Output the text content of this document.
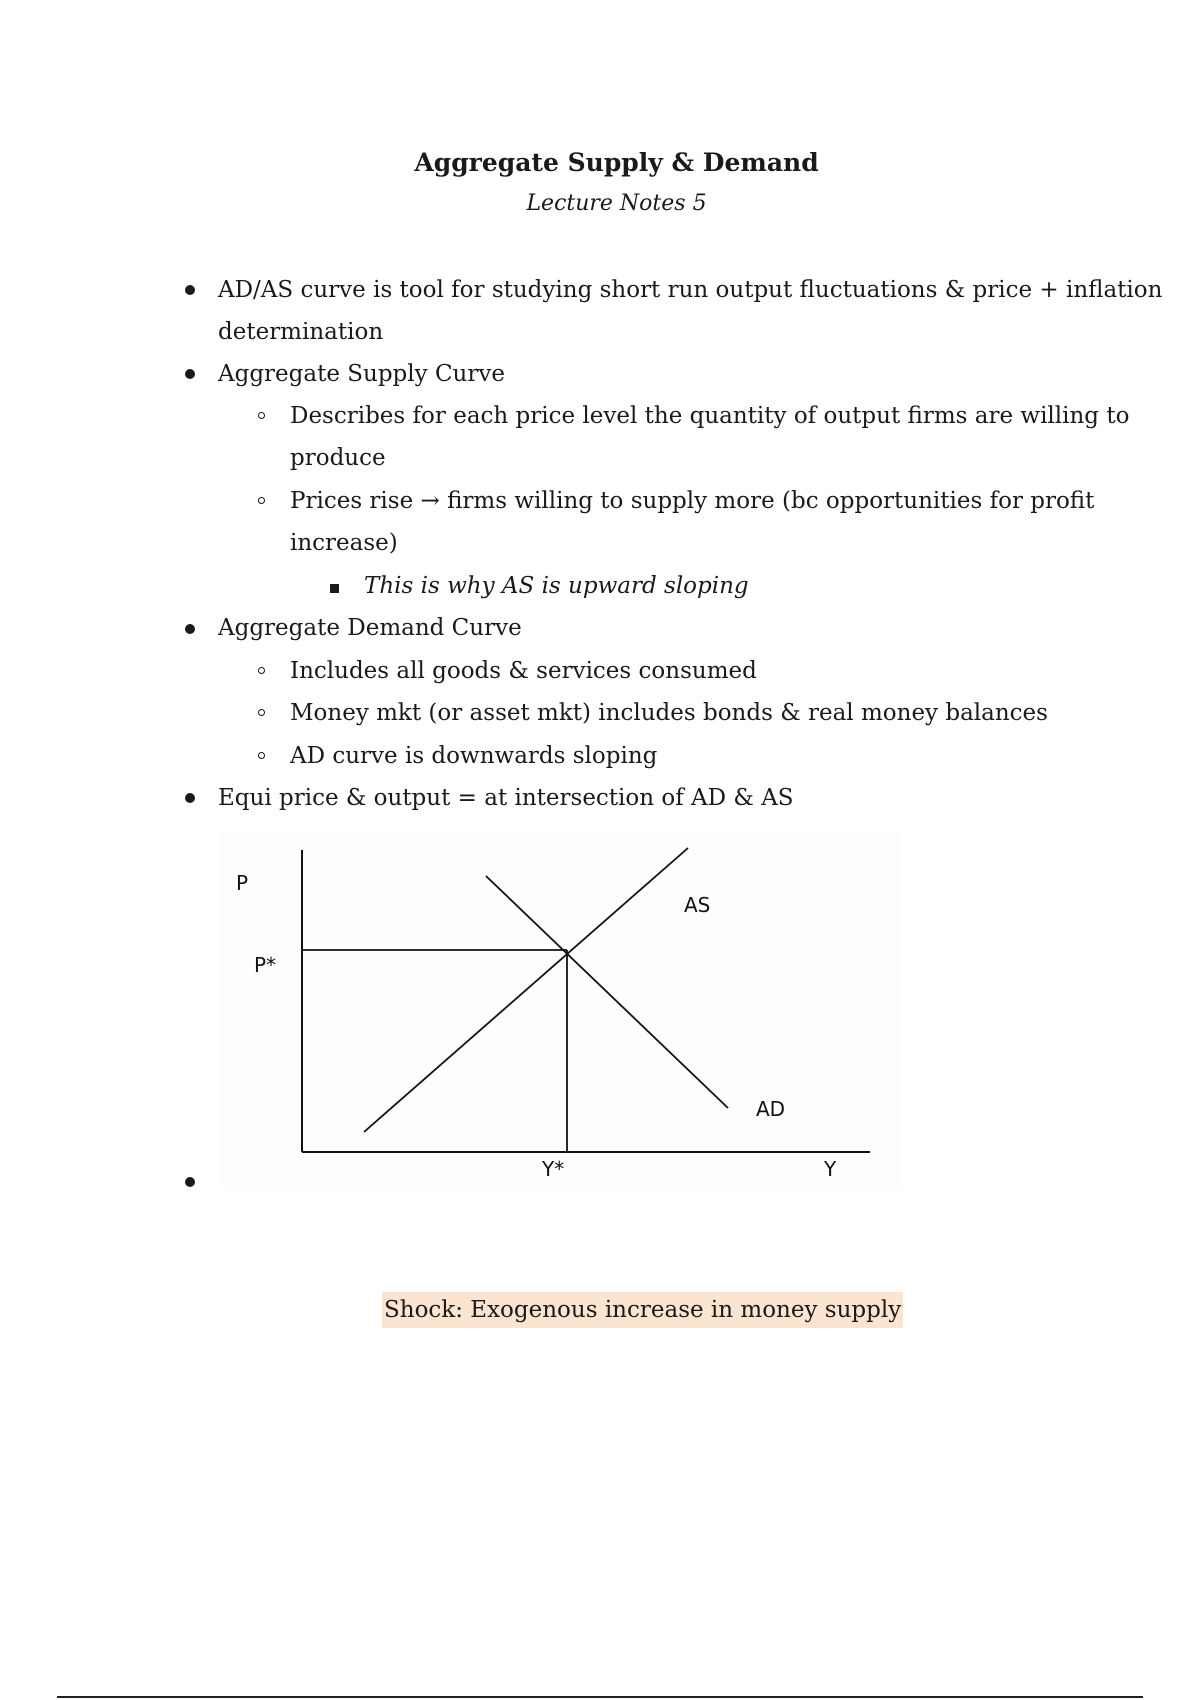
Aggregate Supply & Demand
Lecture Notes 5
AD/AS curve is tool for studying short run output fluctuations & price + inflation
determination
Aggregate Supply Curve
Describes for each price level the quantity of output firms are willing to
produce
Prices rise → firms willing to supply more (bc opportunities for profit
increase)
This is why AS is upward sloping
Aggregate Demand Curve
Includes all goods & services consumed
Money mkt (or asset mkt) includes bonds & real money balances
AD curve is downwards sloping
Equi price & output = at intersection of AD & AS
P
P*
AS
AD
Y*	Y
Shock: Exogenous increase in money supply
